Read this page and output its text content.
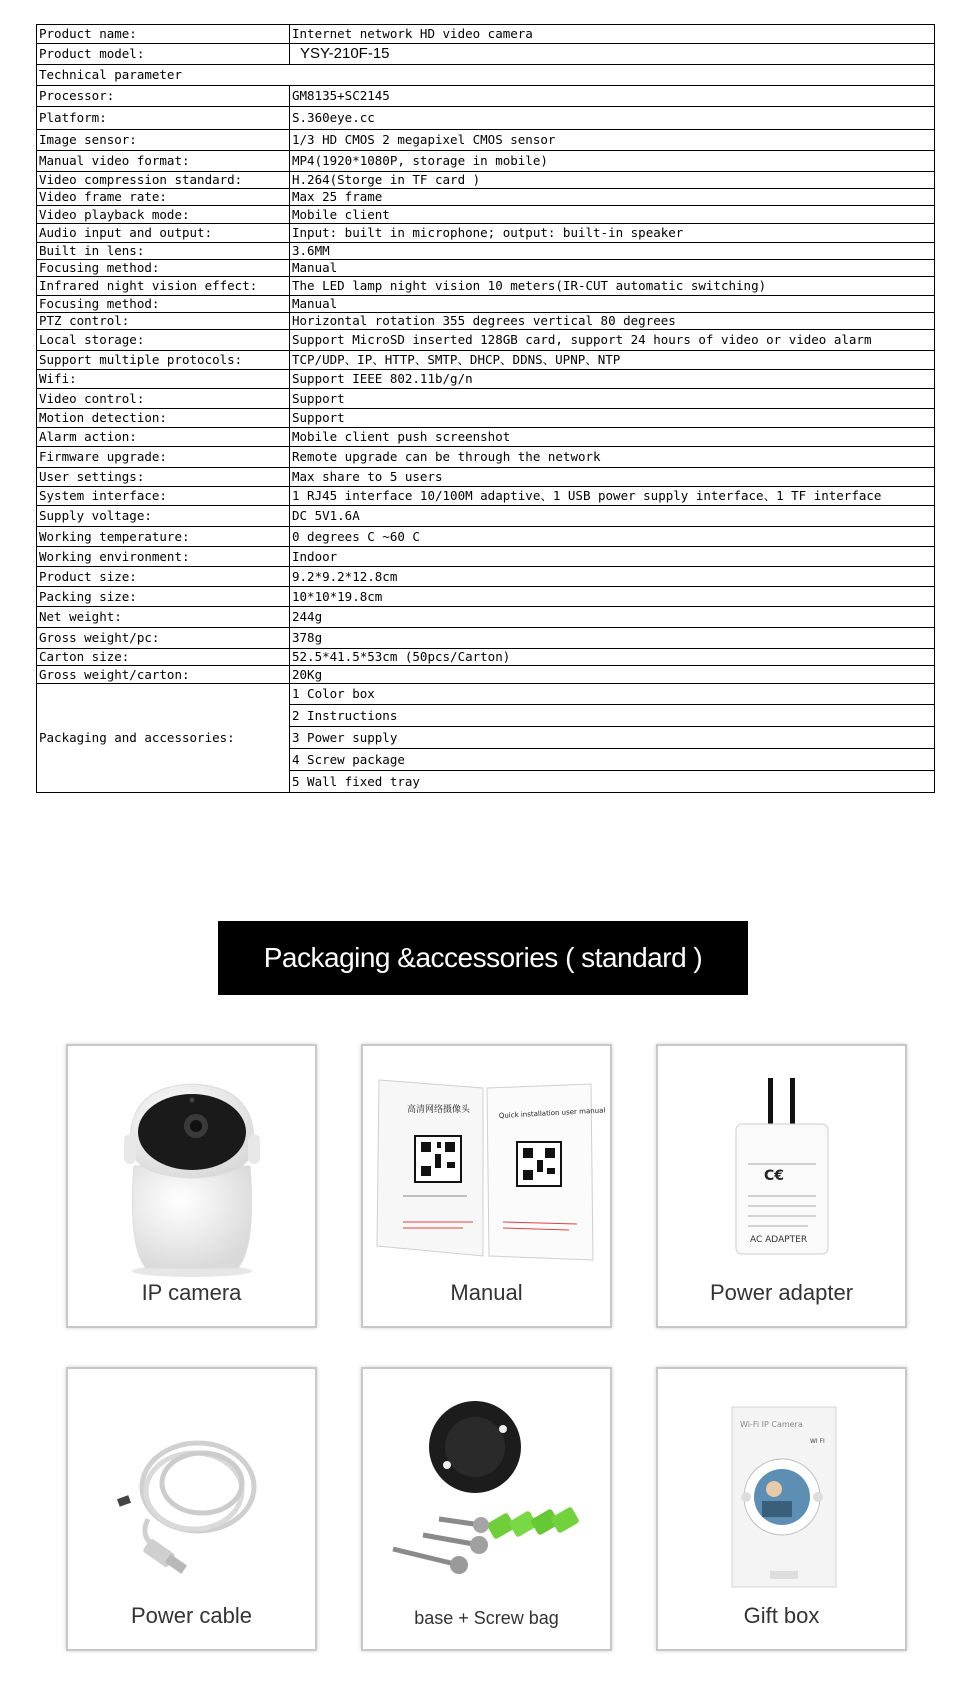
Product name:	Internet network HD video camera
Product model:	YSY-210F-15
Technical parameter	
Processor:	GM8135+SC2145
Platform:	S.360eye.cc
Image sensor:	1/3 HD CMOS 2 megapixel CMOS sensor
Manual video format:	MP4(1920*1080P, storage in mobile)
Video compression standard:	H.264(Storge in TF card )
Video frame rate:	Max 25 frame
Video playback mode:	Mobile client
Audio input and output:	Input: built in microphone; output: built-in speaker
Built in lens:	3.6MM
Focusing method:	Manual
Infrared night vision effect:	The LED lamp night vision 10 meters(IR-CUT automatic switching)
Focusing method:	Manual
PTZ control:	Horizontal rotation 355 degrees vertical 80 degrees
Local storage:	Support MicroSD inserted 128GB card, support 24 hours of video or video alarm
Support multiple protocols:	TCP/UDP、IP、HTTP、SMTP、DHCP、DDNS、UPNP、NTP
Wifi:	Support IEEE 802.11b/g/n
Video control:	Support
Motion detection:	Support
Alarm action:	Mobile client push screenshot
Firmware upgrade:	Remote upgrade can be through the network
User settings:	Max share to 5 users
System interface:	1 RJ45 interface 10/100M adaptive、1 USB power supply interface、1 TF interface
Supply voltage:	DC 5V1.6A
Working temperature:	0 degrees C ~60 C
Working environment:	Indoor
Product size:	9.2*9.2*12.8cm
Packing size:	10*10*19.8cm
Net weight:	244g
Gross weight/pc:	378g
Carton size:	52.5*41.5*53cm (50pcs/Carton)
Gross weight/carton:	20Kg
Packaging and accessories:	1 Color box
	2 Instructions
	3 Power supply
	4 Screw package
	5 Wall fixed tray
Packaging &accessories ( standard )
IP camera
高清网络摄像头	Quick installation user manual
Manual
C€
AC ADAPTER
Power adapter
Power cable	base + Screw bag
Wi-Fi IP Camera
WI FI
Gift box
